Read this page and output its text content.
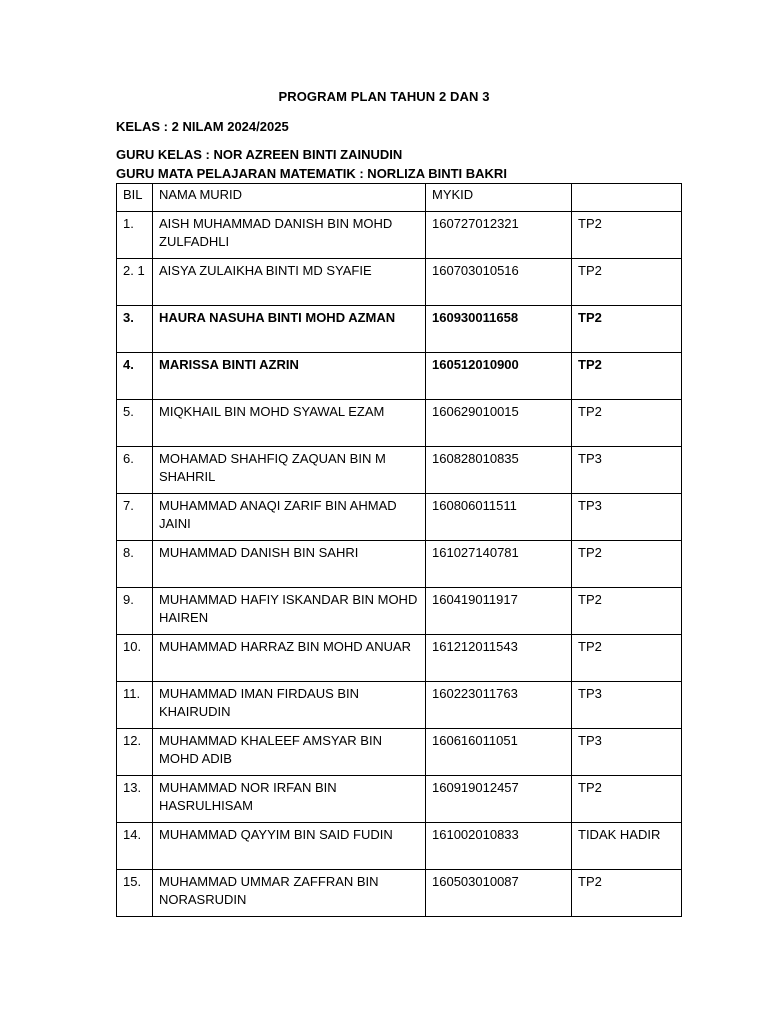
PROGRAM PLAN TAHUN 2 DAN 3
KELAS : 2 NILAM 2024/2025
GURU KELAS : NOR AZREEN BINTI ZAINUDIN
GURU MATA PELAJARAN MATEMATIK : NORLIZA BINTI BAKRI
BIL	NAMA MURID	MYKID	
1.	AISH MUHAMMAD DANISH BIN MOHD ZULFADHLI	160727012321	TP2
2. 1	AISYA ZULAIKHA BINTI MD SYAFIE	160703010516	TP2
3.	HAURA NASUHA BINTI MOHD AZMAN	160930011658	TP2
4.	MARISSA BINTI AZRIN	160512010900	TP2
5.	MIQKHAIL BIN MOHD SYAWAL EZAM	160629010015	TP2
6.	MOHAMAD SHAHFIQ ZAQUAN BIN M SHAHRIL	160828010835	TP3
7.	MUHAMMAD ANAQI ZARIF BIN AHMAD JAINI	160806011511	TP3
8.	MUHAMMAD DANISH BIN SAHRI	161027140781	TP2
9.	MUHAMMAD HAFIY ISKANDAR BIN MOHD HAIREN	160419011917	TP2
10.	MUHAMMAD HARRAZ BIN MOHD ANUAR	161212011543	TP2
11.	MUHAMMAD IMAN FIRDAUS BIN KHAIRUDIN	160223011763	TP3
12.	MUHAMMAD KHALEEF AMSYAR BIN MOHD ADIB	160616011051	TP3
13.	MUHAMMAD NOR IRFAN BIN HASRULHISAM	160919012457	TP2
14.	MUHAMMAD QAYYIM BIN SAID FUDIN	161002010833	TIDAK HADIR
15.	MUHAMMAD UMMAR ZAFFRAN BIN NORASRUDIN	160503010087	TP2
